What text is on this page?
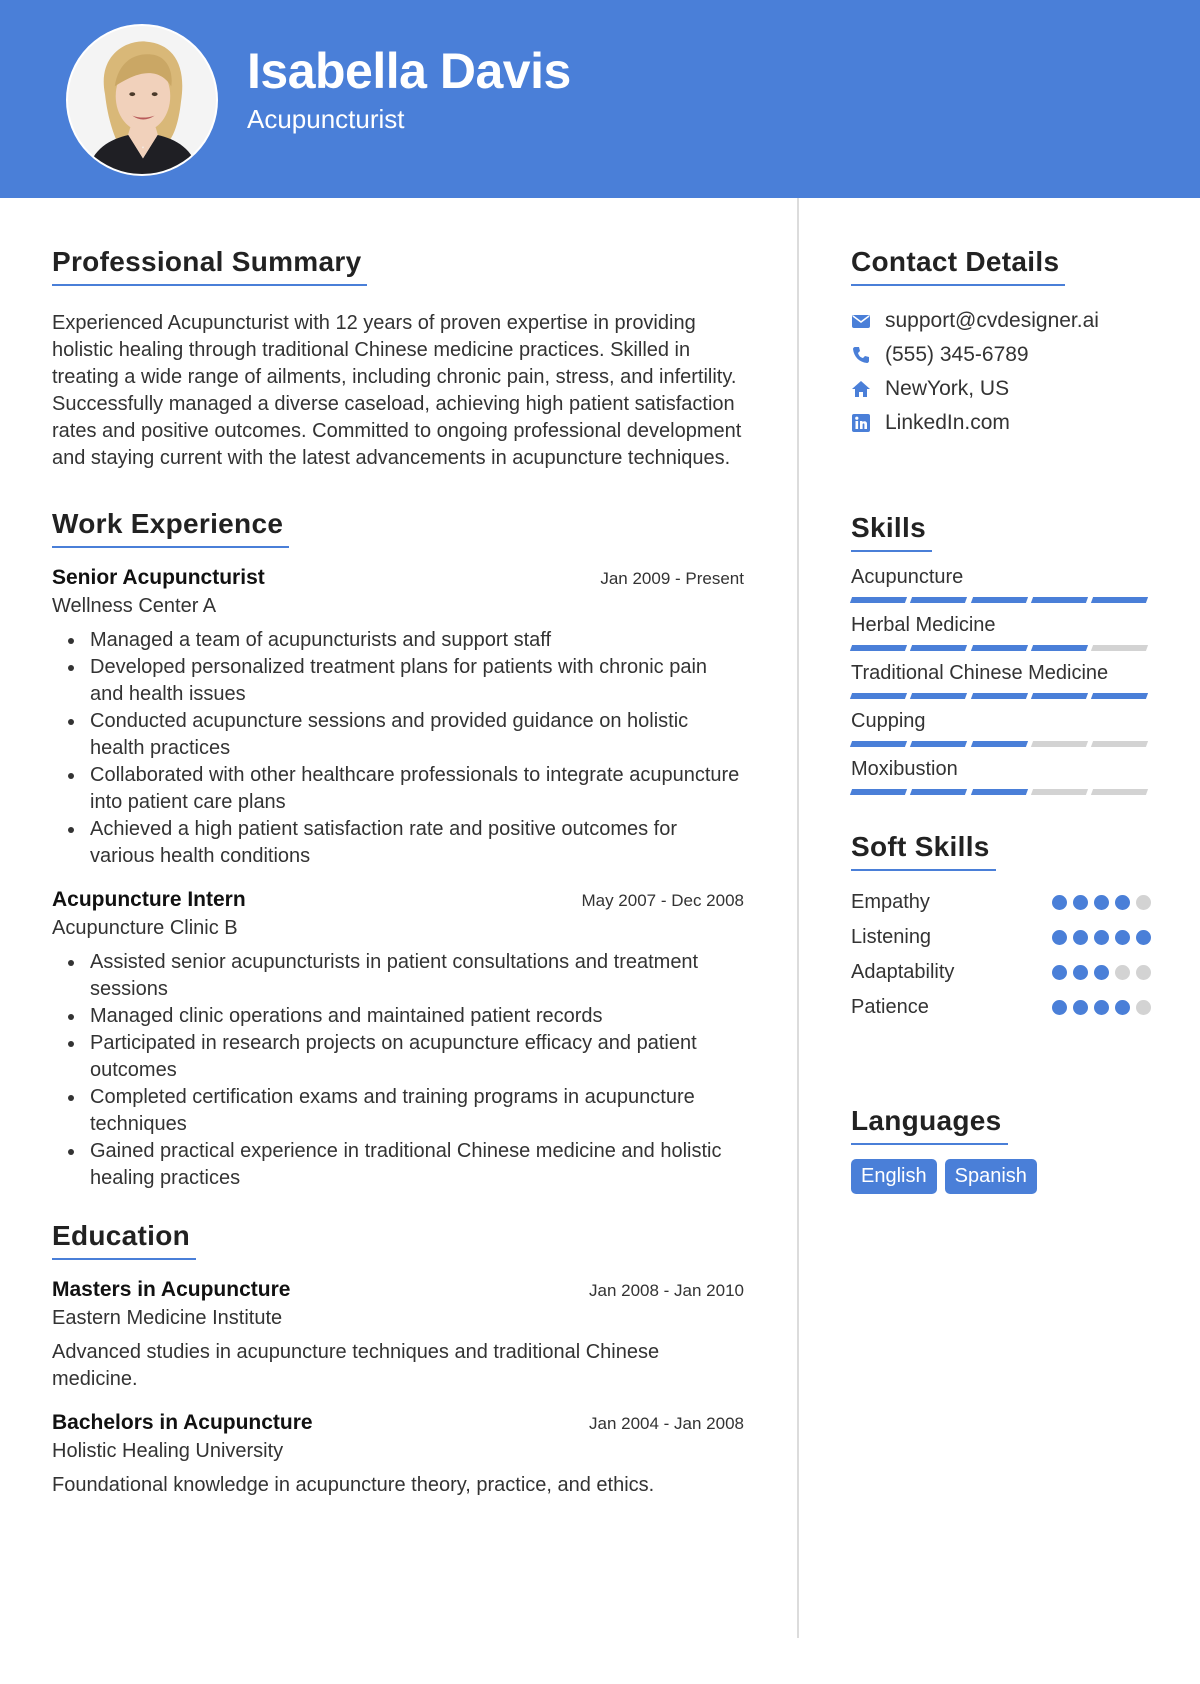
Isabella Davis
Acupuncturist
Professional Summary

Experienced Acupuncturist with 12 years of proven expertise in providing holistic healing through traditional Chinese medicine practices. Skilled in treating a wide range of ailments, including chronic pain, stress, and infertility. Successfully managed a diverse caseload, achieving high patient satisfaction rates and positive outcomes. Committed to ongoing professional development and staying current with the latest advancements in acupuncture techniques.

Work Experience
Senior Acupuncturist	Jan 2009 - Present
Wellness Center A
Managed a team of acupuncturists and support staff
Developed personalized treatment plans for patients with chronic pain and health issues
Conducted acupuncture sessions and provided guidance on holistic health practices
Collaborated with other healthcare professionals to integrate acupuncture into patient care plans
Achieved a high patient satisfaction rate and positive outcomes for various health conditions
Acupuncture Intern	May 2007 - Dec 2008
Acupuncture Clinic B
Assisted senior acupuncturists in patient consultations and treatment sessions
Managed clinic operations and maintained patient records
Participated in research projects on acupuncture efficacy and patient outcomes
Completed certification exams and training programs in acupuncture techniques
Gained practical experience in traditional Chinese medicine and holistic healing practices
Education
Masters in Acupuncture	Jan 2008 - Jan 2010
Eastern Medicine Institute

Advanced studies in acupuncture techniques and traditional Chinese medicine.

Bachelors in Acupuncture	Jan 2004 - Jan 2008
Holistic Healing University

Foundational knowledge in acupuncture theory, practice, and ethics.

Contact Details
support@cvdesigner.ai
(555) 345-6789
NewYork, US
LinkedIn.com
Skills
Acupuncture
Herbal Medicine
Traditional Chinese Medicine
Cupping
Moxibustion
Soft Skills
Empathy
Listening
Adaptability
Patience
Languages
English	Spanish
